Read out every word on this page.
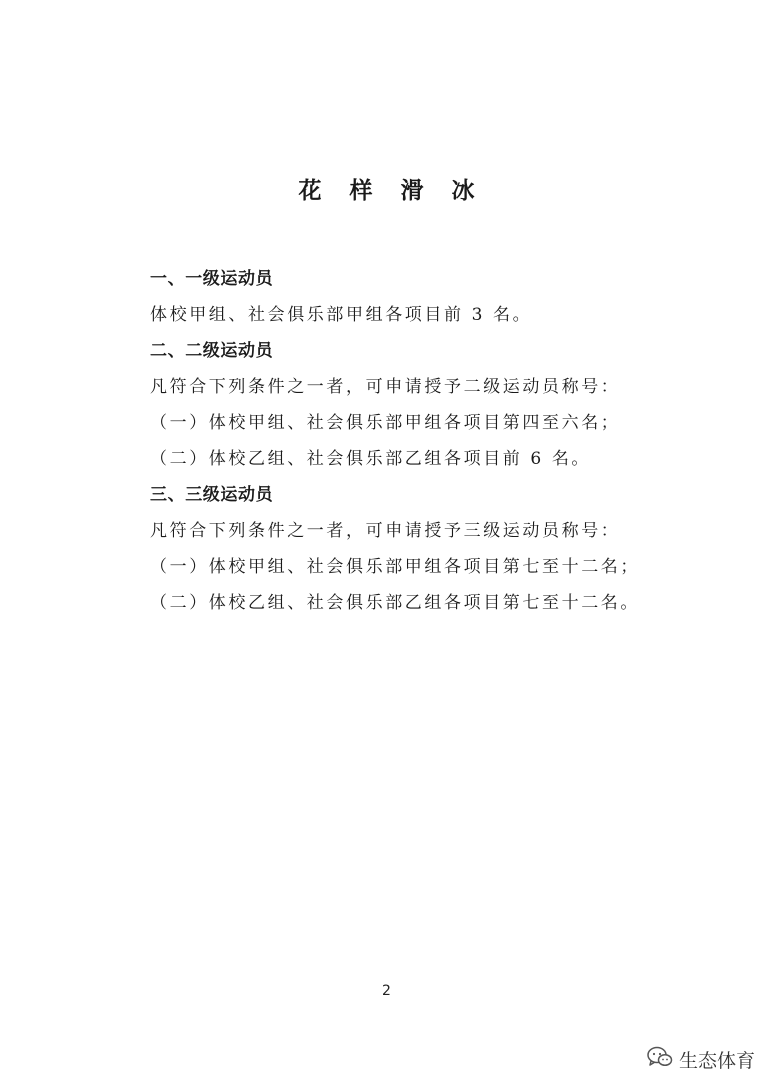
花 样 滑 冰
一、一级运动员
体校甲组、社会俱乐部甲组各项目前 3 名。
二、二级运动员
凡符合下列条件之一者，可申请授予二级运动员称号：
（一）体校甲组、社会俱乐部甲组各项目第四至六名；
（二）体校乙组、社会俱乐部乙组各项目前 6 名。
三、三级运动员
凡符合下列条件之一者，可申请授予三级运动员称号：
（一）体校甲组、社会俱乐部甲组各项目第七至十二名；
（二）体校乙组、社会俱乐部乙组各项目第七至十二名。
2
生态体育
